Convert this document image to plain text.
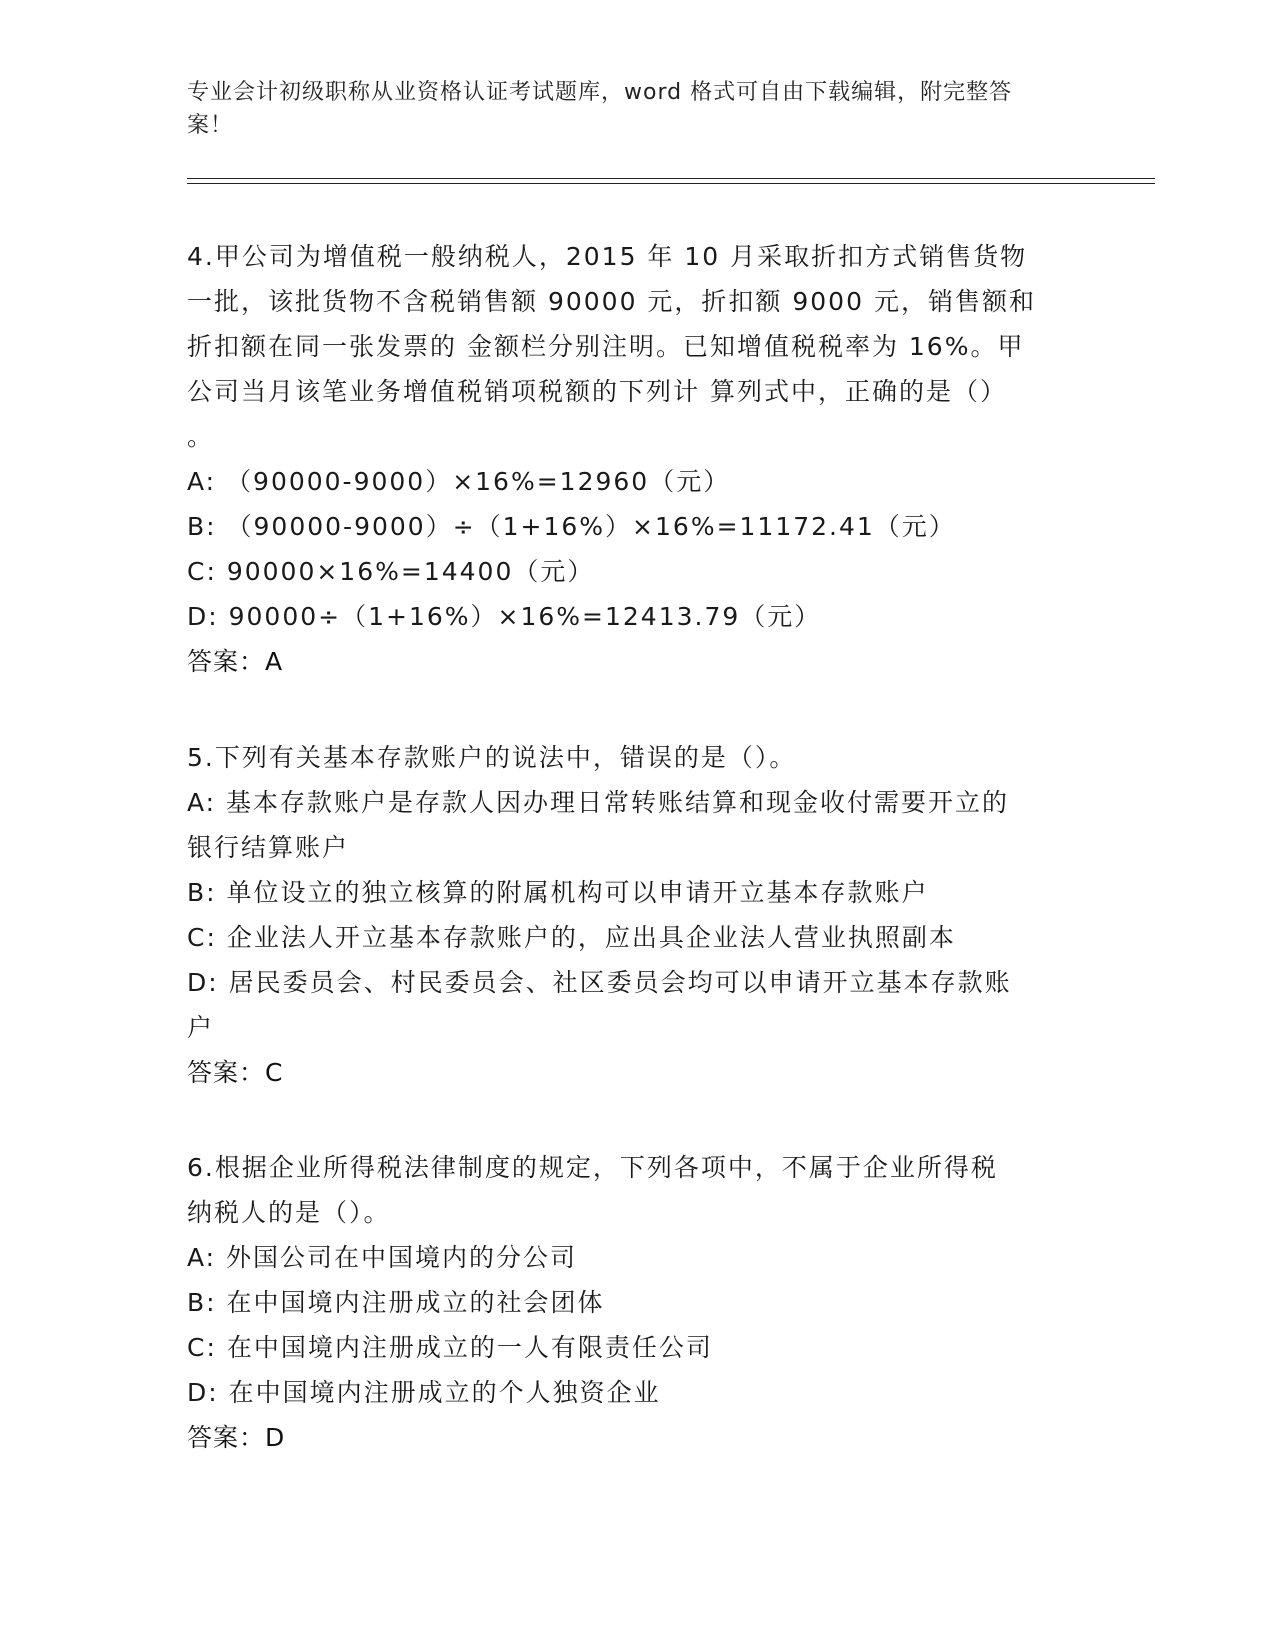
专业会计初级职称从业资格认证考试题库，word 格式可自由下载编辑，附完整答
案！
4.甲公司为增值税一般纳税人，2015 年 10 月采取折扣方式销售货物
一批，该批货物不含税销售额 90000 元，折扣额 9000 元，销售额和
折扣额在同一张发票的 金额栏分别注明。已知增值税税率为 16%。甲
公司当月该笔业务增值税销项税额的下列计 算列式中，正确的是（）
。
A: （90000-9000）×16%=12960（元）
B: （90000-9000）÷（1+16%）×16%=11172.41（元）
C: 90000×16%=14400（元）
D: 90000÷（1+16%）×16%=12413.79（元）
答案：A
5.下列有关基本存款账户的说法中，错误的是（）。
A: 基本存款账户是存款人因办理日常转账结算和现金收付需要开立的
银行结算账户
B: 单位设立的独立核算的附属机构可以申请开立基本存款账户
C: 企业法人开立基本存款账户的，应出具企业法人营业执照副本
D: 居民委员会、村民委员会、社区委员会均可以申请开立基本存款账
户
答案：C
6.根据企业所得税法律制度的规定，下列各项中，不属于企业所得税
纳税人的是（）。
A: 外国公司在中国境内的分公司
B: 在中国境内注册成立的社会团体
C: 在中国境内注册成立的一人有限责任公司
D: 在中国境内注册成立的个人独资企业
答案：D
